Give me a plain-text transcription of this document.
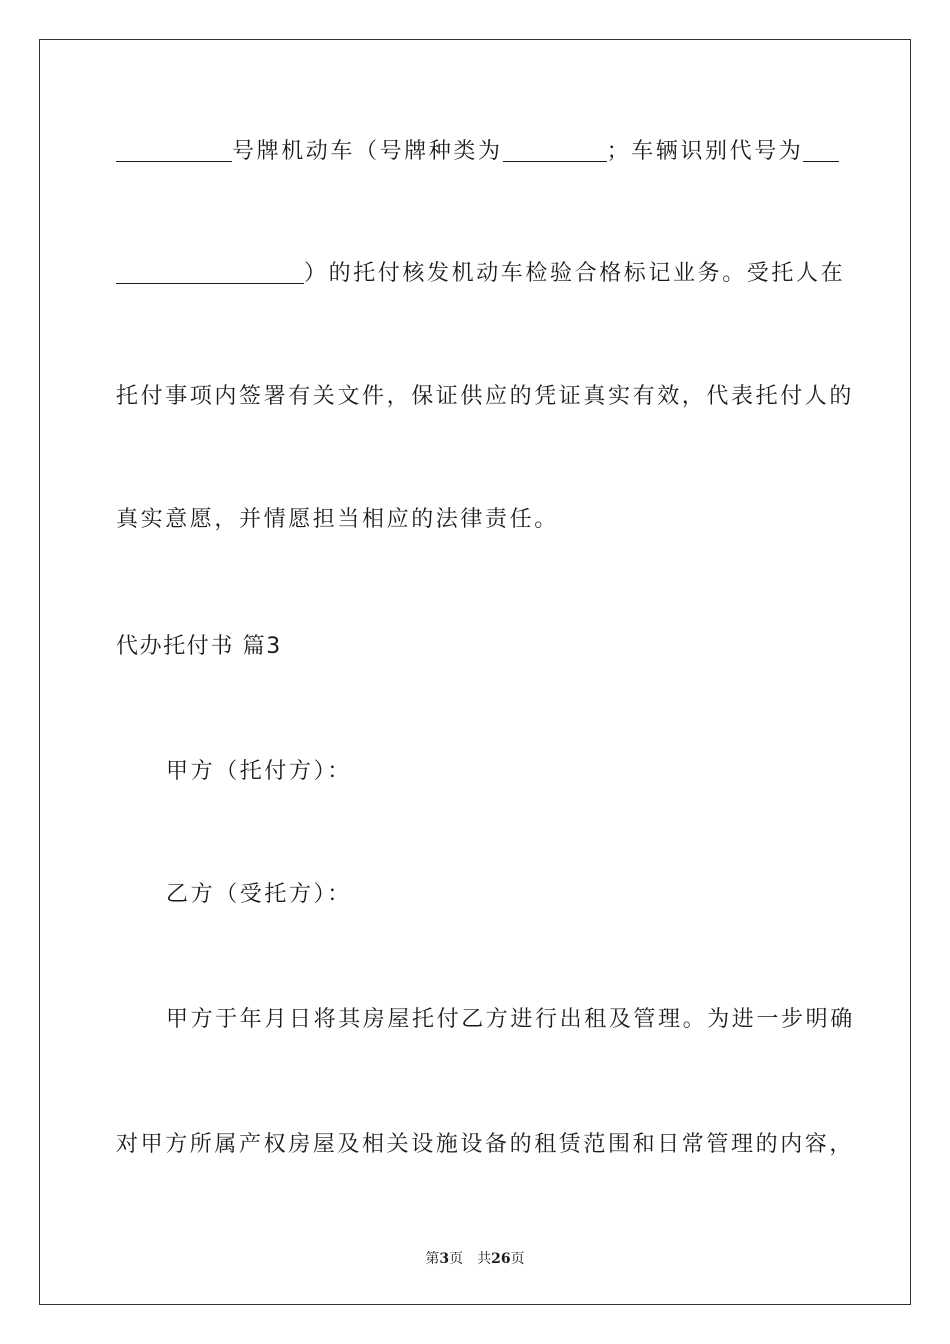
号牌机动车（号牌种类为	；车辆识别代号为
）的托付核发机动车检验合格标记业务。受托人在
托付事项内签署有关文件，保证供应的凭证真实有效，代表托付人的
真实意愿，并情愿担当相应的法律责任。
代办托付书 篇3
甲方（托付方）：
乙方（受托方）：
甲方于年月日将其房屋托付乙方进行出租及管理。为进一步明确
对甲方所属产权房屋及相关设施设备的租赁范围和日常管理的内容，
第3页　共26页
